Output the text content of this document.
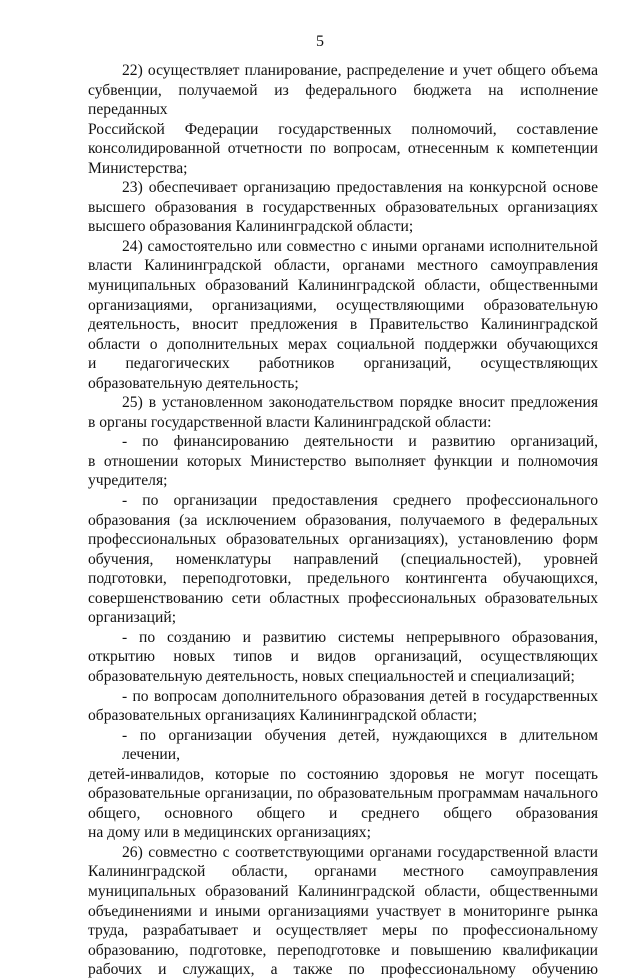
5
22) осуществляет планирование, распределение и учет общего объема
субвенции, получаемой из федерального бюджета на исполнение переданных
Российской Федерации государственных полномочий, составление
консолидированной отчетности по вопросам, отнесенным к компетенции
Министерства;
23) обеспечивает организацию предоставления на конкурсной основе
высшего образования в государственных образовательных организациях
высшего образования Калининградской области;
24) самостоятельно или совместно с иными органами исполнительной
власти Калининградской области, органами местного самоуправления
муниципальных образований Калининградской области, общественными
организациями, организациями, осуществляющими образовательную
деятельность, вносит предложения в Правительство Калининградской
области о дополнительных мерах социальной поддержки обучающихся
и педагогических работников организаций, осуществляющих
образовательную деятельность;
25) в установленном законодательством порядке вносит предложения
в органы государственной власти Калининградской области:
- по финансированию деятельности и развитию организаций,
в отношении которых Министерство выполняет функции и полномочия
учредителя;
- по организации предоставления среднего профессионального
образования (за исключением образования, получаемого в федеральных
профессиональных образовательных организациях), установлению форм
обучения, номенклатуры направлений (специальностей), уровней
подготовки, переподготовки, предельного контингента обучающихся,
совершенствованию сети областных профессиональных образовательных
организаций;
- по созданию и развитию системы непрерывного образования,
открытию новых типов и видов организаций, осуществляющих
образовательную деятельность, новых специальностей и специализаций;
- по вопросам дополнительного образования детей в государственных
образовательных организациях Калининградской области;
- по организации обучения детей, нуждающихся в длительном лечении,
детей-инвалидов, которые по состоянию здоровья не могут посещать
образовательные организации, по образовательным программам начального
общего, основного общего и среднего общего образования
на дому или в медицинских организациях;
26) совместно с соответствующими органами государственной власти
Калининградской области, органами местного самоуправления
муниципальных образований Калининградской области, общественными
объединениями и иными организациями участвует в мониторинге рынка
труда, разрабатывает и осуществляет меры по профессиональному
образованию, подготовке, переподготовке и повышению квалификации
рабочих и служащих, а также по профессиональному обучению
